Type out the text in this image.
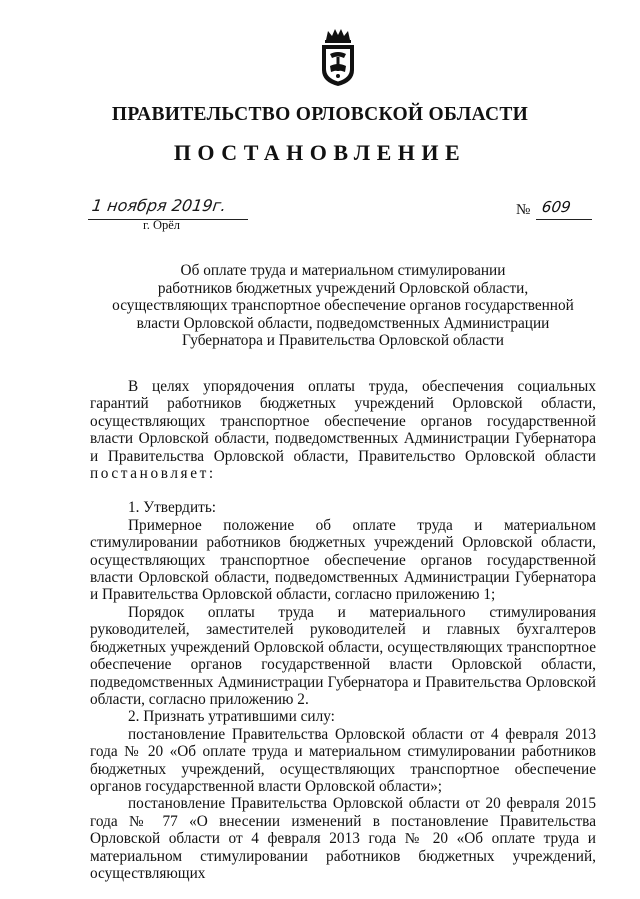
ПРАВИТЕЛЬСТВО ОРЛОВСКОЙ ОБЛАСТИ
ПОСТАНОВЛЕНИЕ
1 ноября 2019г.
г. Орёл
№ 609
Об оплате труда и материальном стимулировании
работников бюджетных учреждений Орловской области,
осуществляющих транспортное обеспечение органов государственной
власти Орловской области, подведомственных Администрации
Губернатора и Правительства Орловской области

В целях упорядочения оплаты труда, обеспечения социальных гарантий работников бюджетных учреждений Орловской области, осуществляющих транспортное обеспечение органов государственной власти Орловской области, подведомственных Администрации Губернатора и Правительства Орловской области, Правительство Орловской области постановляет:

1. Утвердить:

Примерное положение об оплате труда и материальном стимулировании работников бюджетных учреждений Орловской области, осуществляющих транспортное обеспечение органов государственной власти Орловской области, подведомственных Администрации Губернатора и Правительства Орловской области, согласно приложению 1;

Порядок оплаты труда и материального стимулирования руководителей, заместителей руководителей и главных бухгалтеров бюджетных учреждений Орловской области, осуществляющих транспортное обеспечение органов государственной власти Орловской области, подведомственных Администрации Губернатора и Правительства Орловской области, согласно приложению 2.

2. Признать утратившими силу:

постановление Правительства Орловской области от 4 февраля 2013 года № 20 «Об оплате труда и материальном стимулировании работников бюджетных учреждений, осуществляющих транспортное обеспечение органов государственной власти Орловской области»;

постановление Правительства Орловской области от 20 февраля 2015 года № 77 «О внесении изменений в постановление Правительства Орловской области от 4 февраля 2013 года № 20 «Об оплате труда и материальном стимулировании работников бюджетных учреждений, осуществляющих
